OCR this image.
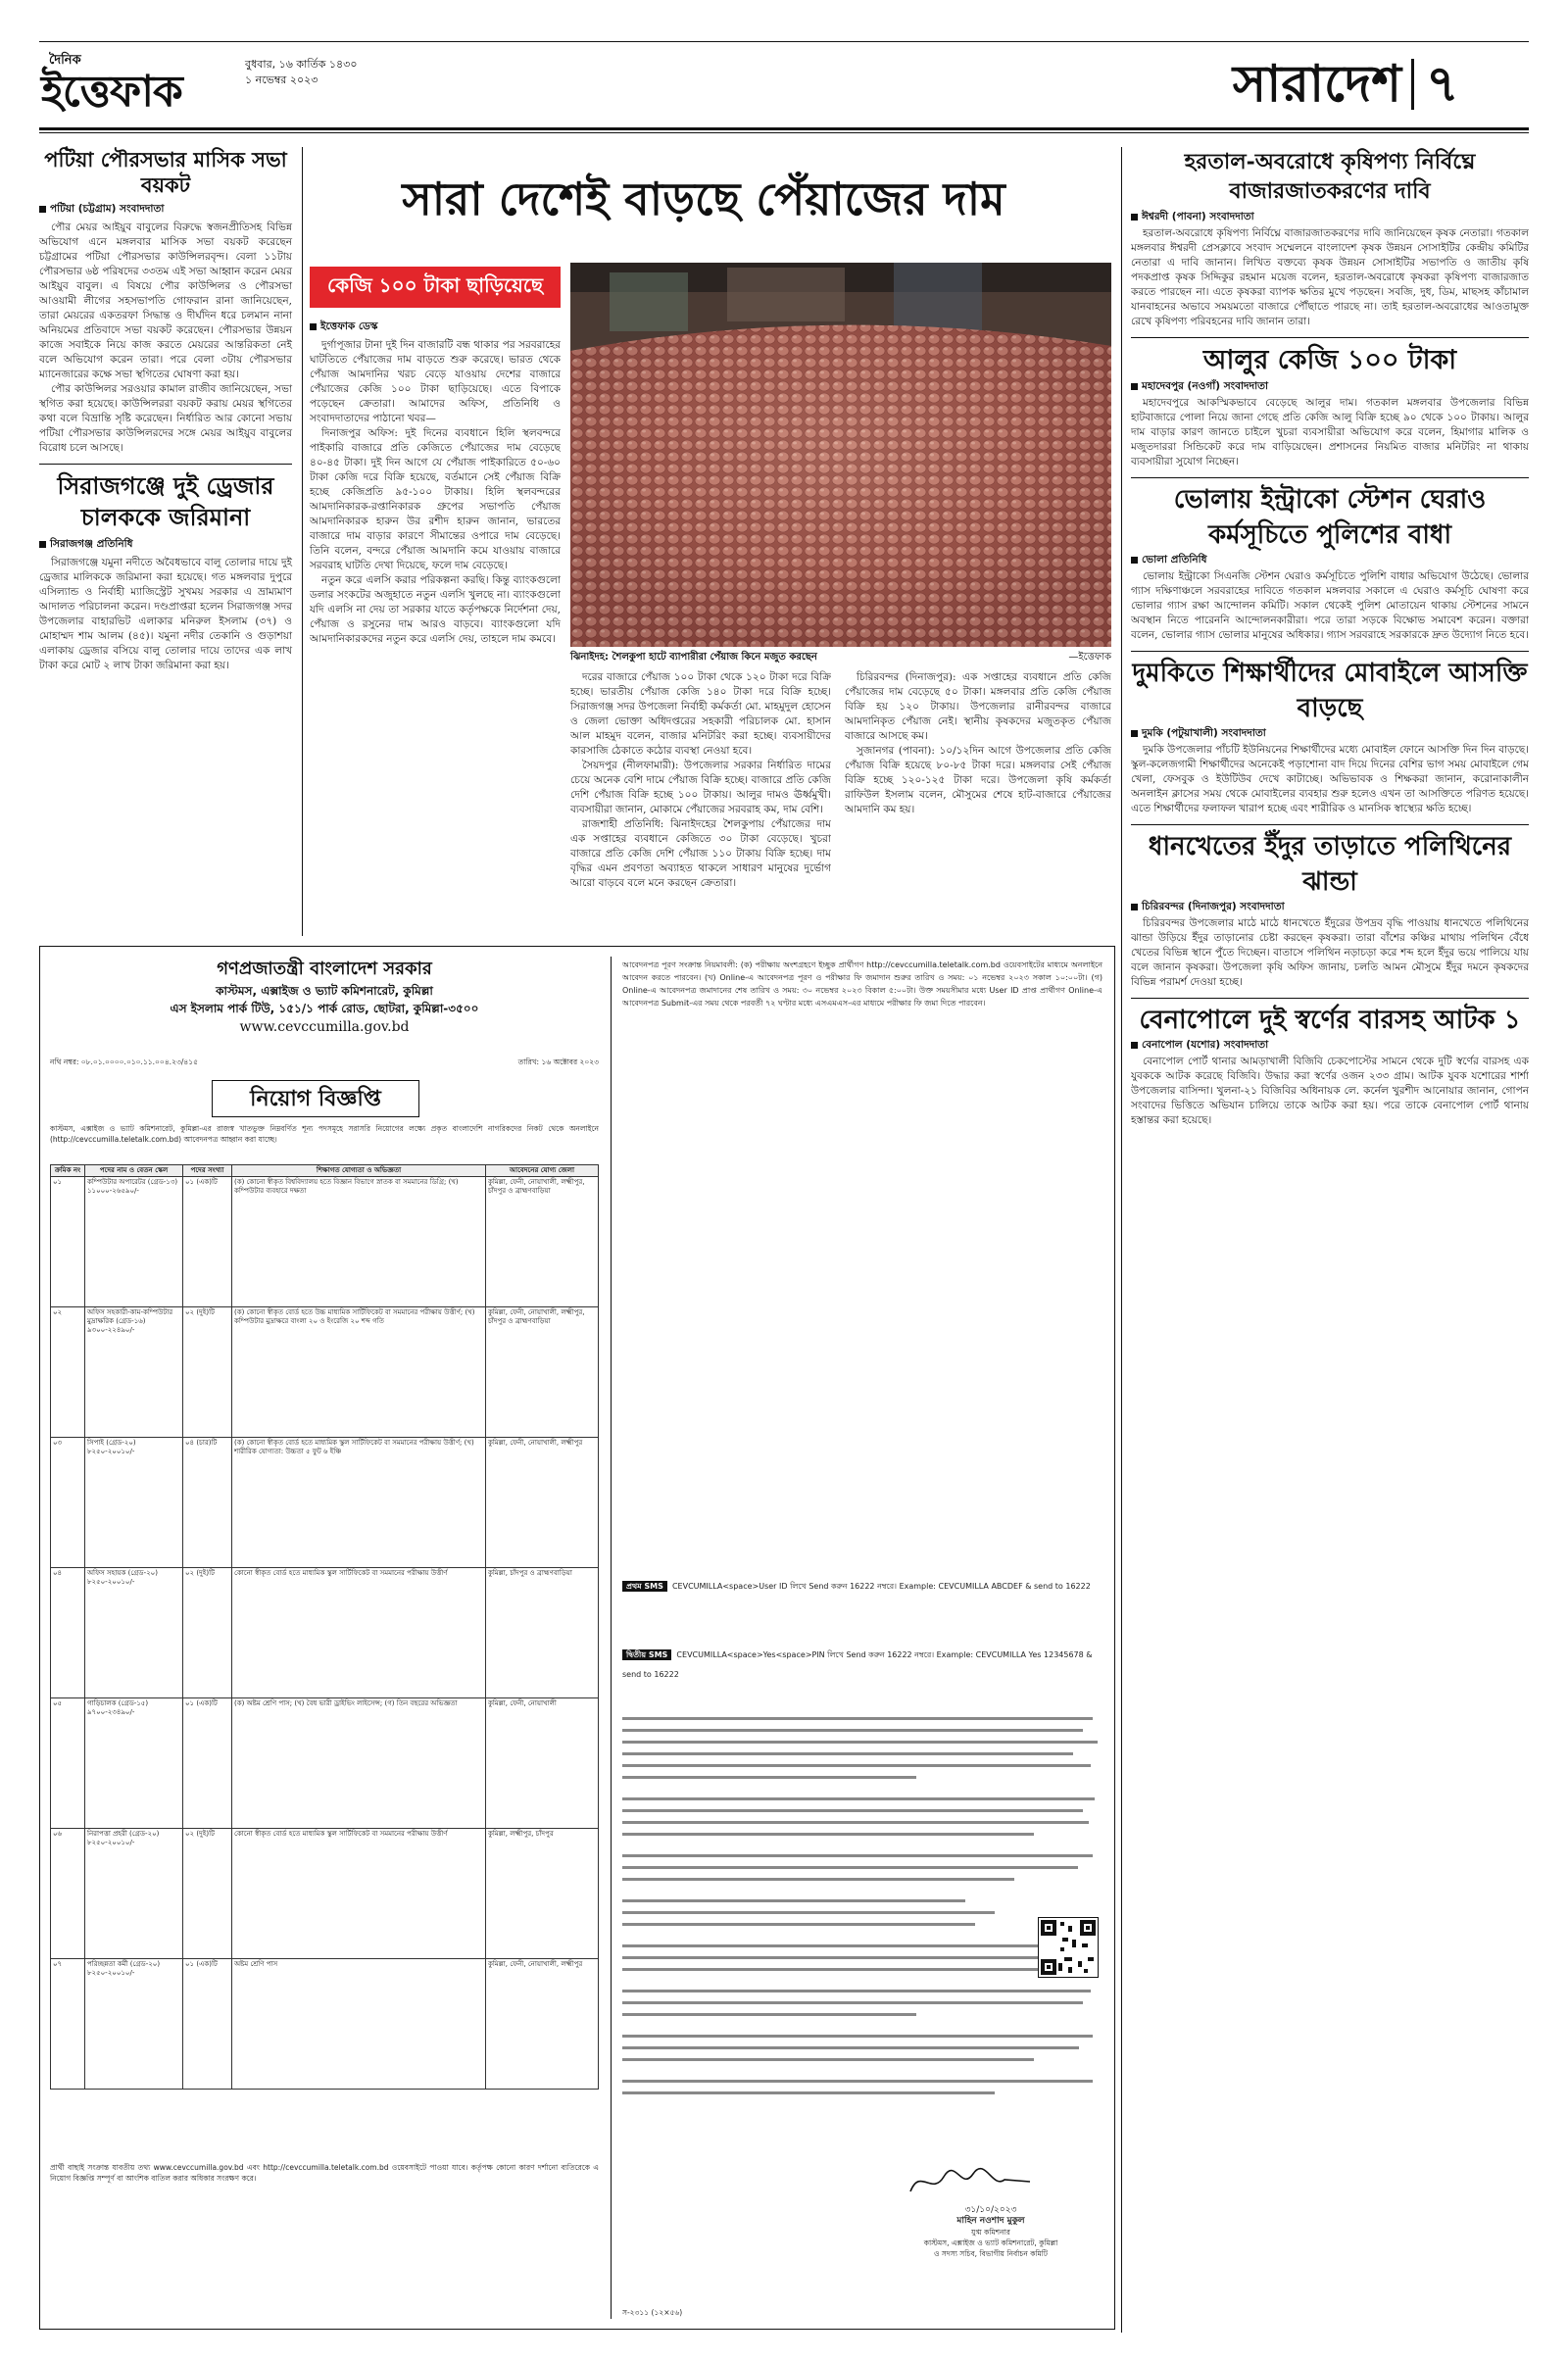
দৈনিক
ইত্তেফাক
বুধবার, ১৬ কার্তিক ১৪৩০
১ নভেম্বর ২০২৩	সারাদেশ ৭
পটিয়া পৌরসভার মাসিক সভা বয়কট
পটিয়া (চট্টগ্রাম) সংবাদদাতা

পৌর মেয়র আইয়ুব বাবুলের বিরুদ্ধে স্বজনপ্রীতিসহ বিভিন্ন অভিযোগ এনে মঙ্গলবার মাসিক সভা বয়কট করেছেন চট্টগ্রামের পটিয়া পৌরসভার কাউন্সিলরবৃন্দ। বেলা ১১টায় পৌরসভার ৬ষ্ঠ পরিষদের ৩৩তম এই সভা আহ্বান করেন মেয়র আইয়ুব বাবুল। এ বিষয়ে পৌর কাউন্সিলর ও পৌরসভা আওয়ামী লীগের সহসভাপতি গোফরান রানা জানিয়েছেন, তারা মেয়রের একতরফা সিদ্ধান্ত ও দীর্ঘদিন ধরে চলমান নানা অনিয়মের প্রতিবাদে সভা বয়কট করেছেন। পৌরসভার উন্নয়ন কাজে সবাইকে নিয়ে কাজ করতে মেয়রের আন্তরিকতা নেই বলে অভিযোগ করেন তারা। পরে বেলা ৩টায় পৌরসভার ম্যানেজারের কক্ষে সভা স্থগিতের ঘোষণা করা হয়।

পৌর কাউন্সিলর সরওয়ার কামাল রাজীব জানিয়েছেন, সভা স্থগিত করা হয়েছে। কাউন্সিলররা বয়কট করায় মেয়র স্থগিতের কথা বলে বিভ্রান্তি সৃষ্টি করেছেন। নির্ধারিত আর কোনো সভায় পটিয়া পৌরসভার কাউন্সিলরদের সঙ্গে মেয়র আইয়ুব বাবুলের বিরোধ চলে আসছে।

সিরাজগঞ্জে দুই ড্রেজার চালককে জরিমানা
সিরাজগঞ্জ প্রতিনিধি

সিরাজগঞ্জে যমুনা নদীতে অবৈধভাবে বালু তোলার দায়ে দুই ড্রেজার মালিককে জরিমানা করা হয়েছে। গত মঙ্গলবার দুপুরে এসিল্যান্ড ও নির্বাহী ম্যাজিস্ট্রেট সুখময় সরকার এ ভ্রাম্যমাণ আদালত পরিচালনা করেন। দণ্ডপ্রাপ্তরা হলেন সিরাজগঞ্জ সদর উপজেলার বাহারভিট এলাকার মনিরুল ইসলাম (৩৭) ও মোহাম্মদ শাম আলম (৪৫)। যমুনা নদীর তেকানি ও গুড়াশয়া এলাকায় ড্রেজার বসিয়ে বালু তোলার দায়ে তাদের এক লাখ টাকা করে মোট ২ লাখ টাকা জরিমানা করা হয়।

সারা দেশেই বাড়ছে পেঁয়াজের দাম
কেজি ১০০ টাকা ছাড়িয়েছে
ইত্তেফাক ডেস্ক

দুর্গাপূজার টানা দুই দিন বাজারটি বন্ধ থাকার পর সরবরাহের ঘাটতিতে পেঁয়াজের দাম বাড়তে শুরু করেছে। ভারত থেকে পেঁয়াজ আমদানির খরচ বেড়ে যাওয়ায় দেশের বাজারে পেঁয়াজের কেজি ১০০ টাকা ছাড়িয়েছে। এতে বিপাকে পড়েছেন ক্রেতারা। আমাদের অফিস, প্রতিনিধি ও সংবাদদাতাদের পাঠানো খবর—

দিনাজপুর অফিস: দুই দিনের ব্যবধানে হিলি স্থলবন্দরে পাইকারি বাজারে প্রতি কেজিতে পেঁয়াজের দাম বেড়েছে ৪০-৪৫ টাকা। দুই দিন আগে যে পেঁয়াজ পাইকারিতে ৫০-৬০ টাকা কেজি দরে বিক্রি হয়েছে, বর্তমানে সেই পেঁয়াজ বিক্রি হচ্ছে কেজিপ্রতি ৯৫-১০০ টাকায়। হিলি স্থলবন্দরের আমদানিকারক-রপ্তানিকারক গ্রুপের সভাপতি পেঁয়াজ আমদানিকারক হারুন উর রশীদ হারুন জানান, ভারতের বাজারে দাম বাড়ার কারণে সীমান্তের ওপারে দাম বেড়েছে। তিনি বলেন, বন্দরে পেঁয়াজ আমদানি কমে যাওয়ায় বাজারে সরবরাহ ঘাটতি দেখা দিয়েছে, ফলে দাম বেড়েছে।

নতুন করে এলসি করার পরিকল্পনা করছি। কিন্তু ব্যাংকগুলো ডলার সংকটের অজুহাতে নতুন এলসি খুলছে না। ব্যাংকগুলো যদি এলসি না দেয় তা সরকার যাতে কর্তৃপক্ষকে নির্দেশনা দেয়, পেঁয়াজ ও রসুনের দাম আরও বাড়বে। ব্যাংকগুলো যদি আমদানিকারকদের নতুন করে এলসি দেয়, তাহলে দাম কমবে।

ঝিনাইদহ: শৈলকুপা হাটে ব্যাপারীরা পেঁয়াজ কিনে মজুত করছেন	—ইত্তেফাক

দরের বাজারে পেঁয়াজ ১০০ টাকা থেকে ১২০ টাকা দরে বিক্রি হচ্ছে। ভারতীয় পেঁয়াজ কেজি ১৪০ টাকা দরে বিক্রি হচ্ছে। সিরাজগঞ্জ সদর উপজেলা নির্বাহী কর্মকর্তা মো. মাহমুদুল হোসেন ও জেলা ভোক্তা অধিদপ্তরের সহকারী পরিচালক মো. হাসান আল মাহমুদ বলেন, বাজার মনিটরিং করা হচ্ছে। ব্যবসায়ীদের কারসাজি ঠেকাতে কঠোর ব্যবস্থা নেওয়া হবে।

সৈয়দপুর (নীলফামারী): উপজেলার সরকার নির্ধারিত দামের চেয়ে অনেক বেশি দামে পেঁয়াজ বিক্রি হচ্ছে। বাজারে প্রতি কেজি দেশি পেঁয়াজ বিক্রি হচ্ছে ১০০ টাকায়। আলুর দামও ঊর্ধ্বমুখী। ব্যবসায়ীরা জানান, মোকামে পেঁয়াজের সরবরাহ কম, দাম বেশি।

রাজশাহী প্রতিনিধি: ঝিনাইদহের শৈলকুপায় পেঁয়াজের দাম এক সপ্তাহের ব্যবধানে কেজিতে ৩০ টাকা বেড়েছে। খুচরা বাজারে প্রতি কেজি দেশি পেঁয়াজ ১১০ টাকায় বিক্রি হচ্ছে। দাম বৃদ্ধির এমন প্রবণতা অব্যাহত থাকলে সাধারণ মানুষের দুর্ভোগ আরো বাড়বে বলে মনে করছেন ক্রেতারা।

চিরিরবন্দর (দিনাজপুর): এক সপ্তাহের ব্যবধানে প্রতি কেজি পেঁয়াজের দাম বেড়েছে ৫০ টাকা। মঙ্গলবার প্রতি কেজি পেঁয়াজ বিক্রি হয় ১২০ টাকায়। উপজেলার রানীরবন্দর বাজারে আমদানিকৃত পেঁয়াজ নেই। স্থানীয় কৃষকদের মজুতকৃত পেঁয়াজ বাজারে আসছে কম।

সুজানগর (পাবনা): ১০/১২দিন আগে উপজেলার প্রতি কেজি পেঁয়াজ বিক্রি হয়েছে ৮০-৮৫ টাকা দরে। মঙ্গলবার সেই পেঁয়াজ বিক্রি হচ্ছে ১২০-১২৫ টাকা দরে। উপজেলা কৃষি কর্মকর্তা রাফিউল ইসলাম বলেন, মৌসুমের শেষে হাট-বাজারে পেঁয়াজের আমদানি কম হয়।

হরতাল-অবরোধে কৃষিপণ্য নির্বিঘ্নে বাজারজাতকরণের দাবি
ঈশ্বরদী (পাবনা) সংবাদদাতা

হরতাল-অবরোধে কৃষিপণ্য নির্বিঘ্নে বাজারজাতকরণের দাবি জানিয়েছেন কৃষক নেতারা। গতকাল মঙ্গলবার ঈশ্বরদী প্রেসক্লাবে সংবাদ সম্মেলনে বাংলাদেশ কৃষক উন্নয়ন সোসাইটির কেন্দ্রীয় কমিটির নেতারা এ দাবি জানান। লিখিত বক্তব্যে কৃষক উন্নয়ন সোসাইটির সভাপতি ও জাতীয় কৃষি পদকপ্রাপ্ত কৃষক সিদ্দিকুর রহমান ময়েজ বলেন, হরতাল-অবরোধে কৃষকরা কৃষিপণ্য বাজারজাত করতে পারছেন না। এতে কৃষকরা ব্যাপক ক্ষতির মুখে পড়ছেন। সবজি, দুধ, ডিম, মাছসহ কাঁচামাল যানবাহনের অভাবে সময়মতো বাজারে পৌঁছাতে পারছে না। তাই হরতাল-অবরোধের আওতামুক্ত রেখে কৃষিপণ্য পরিবহনের দাবি জানান তারা।

আলুর কেজি ১০০ টাকা
মহাদেবপুর (নওগাঁ) সংবাদদাতা

মহাদেবপুরে আকস্মিকভাবে বেড়েছে আলুর দাম। গতকাল মঙ্গলবার উপজেলার বিভিন্ন হাটবাজারে পোলা নিয়ে জানা গেছে প্রতি কেজি আলু বিক্রি হচ্ছে ৯০ থেকে ১০০ টাকায়। আলুর দাম বাড়ার কারণ জানতে চাইলে খুচরা ব্যবসায়ীরা অভিযোগ করে বলেন, হিমাগার মালিক ও মজুতদাররা সিন্ডিকেট করে দাম বাড়িয়েছেন। প্রশাসনের নিয়মিত বাজার মনিটরিং না থাকায় ব্যবসায়ীরা সুযোগ নিচ্ছেন।

ভোলায় ইন্ট্রাকো স্টেশন ঘেরাও কর্মসূচিতে পুলিশের বাধা
ভোলা প্রতিনিধি

ভোলায় ইন্ট্রাকো সিএনজি স্টেশন ঘেরাও কর্মসূচিতে পুলিশি বাধার অভিযোগ উঠেছে। ভোলার গ্যাস দক্ষিণাঞ্চলে সরবরাহের দাবিতে গতকাল মঙ্গলবার সকালে এ ঘেরাও কর্মসূচি ঘোষণা করে ভোলার গ্যাস রক্ষা আন্দোলন কমিটি। সকাল থেকেই পুলিশ মোতায়েন থাকায় স্টেশনের সামনে অবস্থান নিতে পারেননি আন্দোলনকারীরা। পরে তারা সড়কে বিক্ষোভ সমাবেশ করেন। বক্তারা বলেন, ভোলার গ্যাস ভোলার মানুষের অধিকার। গ্যাস সরবরাহে সরকারকে দ্রুত উদ্যোগ নিতে হবে।

দুমকিতে শিক্ষার্থীদের মোবাইলে আসক্তি বাড়ছে
দুমকি (পটুয়াখালী) সংবাদদাতা

দুমকি উপজেলার পাঁচটি ইউনিয়নের শিক্ষার্থীদের মধ্যে মোবাইল ফোনে আসক্তি দিন দিন বাড়ছে। স্কুল-কলেজগামী শিক্ষার্থীদের অনেকেই পড়াশোনা বাদ দিয়ে দিনের বেশির ভাগ সময় মোবাইলে গেম খেলা, ফেসবুক ও ইউটিউব দেখে কাটাচ্ছে। অভিভাবক ও শিক্ষকরা জানান, করোনাকালীন অনলাইন ক্লাসের সময় থেকে মোবাইলের ব্যবহার শুরু হলেও এখন তা আসক্তিতে পরিণত হয়েছে। এতে শিক্ষার্থীদের ফলাফল খারাপ হচ্ছে এবং শারীরিক ও মানসিক স্বাস্থ্যের ক্ষতি হচ্ছে।

ধানখেতের ইঁদুর তাড়াতে পলিথিনের ঝান্ডা
চিরিরবন্দর (দিনাজপুর) সংবাদদাতা

চিরিরবন্দর উপজেলার মাঠে মাঠে ধানখেতে ইঁদুরের উপদ্রব বৃদ্ধি পাওয়ায় ধানখেতে পলিথিনের ঝান্ডা উড়িয়ে ইঁদুর তাড়ানোর চেষ্টা করছেন কৃষকরা। তারা বাঁশের কঞ্চির মাথায় পলিথিন বেঁধে খেতের বিভিন্ন স্থানে পুঁতে দিচ্ছেন। বাতাসে পলিথিন নড়াচড়া করে শব্দ হলে ইঁদুর ভয়ে পালিয়ে যায় বলে জানান কৃষকরা। উপজেলা কৃষি অফিস জানায়, চলতি আমন মৌসুমে ইঁদুর দমনে কৃষকদের বিভিন্ন পরামর্শ দেওয়া হচ্ছে।

বেনাপোলে দুই স্বর্ণের বারসহ আটক ১
বেনাপোল (যশোর) সংবাদদাতা

বেনাপোল পোর্ট থানার আমড়াখালী বিজিবি চেকপোস্টের সামনে থেকে দুটি স্বর্ণের বারসহ এক যুবককে আটক করেছে বিজিবি। উদ্ধার করা স্বর্ণের ওজন ২৩৩ গ্রাম। আটক যুবক যশোরের শার্শা উপজেলার বাসিন্দা। খুলনা-২১ বিজিবির অধিনায়ক লে. কর্নেল খুরশীদ আনোয়ার জানান, গোপন সংবাদের ভিত্তিতে অভিযান চালিয়ে তাকে আটক করা হয়। পরে তাকে বেনাপোল পোর্ট থানায় হস্তান্তর করা হয়েছে।

গণপ্রজাতন্ত্রী বাংলাদেশ সরকার
কাস্টমস, এক্সাইজ ও ভ্যাট কমিশনারেট, কুমিল্লা
এস ইসলাম পার্ক টিউ, ১৫১/১ পার্ক রোড, ছোটরা, কুমিল্লা-৩৫০০
www.cevccumilla.gov.bd
নথি নম্বর: ০৮.০১.০০০০.০১০.১১.০০৪.২৩/৪১৫	তারিখ: ১৬ অক্টোবর ২০২৩
নিয়োগ বিজ্ঞপ্তি
কাস্টমস, এক্সাইজ ও ভ্যাট কমিশনারেট, কুমিল্লা-এর রাজস্ব খাতভুক্ত নিম্নবর্ণিত শূন্য পদসমূহে সরাসরি নিয়োগের লক্ষ্যে প্রকৃত বাংলাদেশি নাগরিকদের নিকট থেকে অনলাইনে (http://cevccumilla.teletalk.com.bd) আবেদনপত্র আহ্বান করা যাচ্ছে।
ক্রমিক নং	পদের নাম ও বেতন স্কেল	পদের সংখ্যা	শিক্ষাগত যোগ্যতা ও অভিজ্ঞতা	আবেদনের যোগ্য জেলা
০১	কম্পিউটার অপারেটর (গ্রেড-১৩) ১১০০০-২৬৫৯০/-	০১ (এক)টি	(ক) কোনো স্বীকৃত বিশ্ববিদ্যালয় হতে বিজ্ঞান বিভাগে স্নাতক বা সমমানের ডিগ্রি; (খ) কম্পিউটার ব্যবহারে দক্ষতা	কুমিল্লা, ফেনী, নোয়াখালী, লক্ষ্মীপুর, চাঁদপুর ও ব্রাহ্মণবাড়িয়া
০২	অফিস সহকারী-কাম-কম্পিউটার মুদ্রাক্ষরিক (গ্রেড-১৬) ৯৩০০-২২৪৯০/-	০২ (দুই)টি	(ক) কোনো স্বীকৃত বোর্ড হতে উচ্চ মাধ্যমিক সার্টিফিকেট বা সমমানের পরীক্ষায় উত্তীর্ণ; (খ) কম্পিউটার মুদ্রাক্ষরে বাংলা ২০ ও ইংরেজি ২০ শব্দ গতি	কুমিল্লা, ফেনী, নোয়াখালী, লক্ষ্মীপুর, চাঁদপুর ও ব্রাহ্মণবাড়িয়া
০৩	সিপাই (গ্রেড-২০) ৮২৫০-২০০১০/-	০৪ (চার)টি	(ক) কোনো স্বীকৃত বোর্ড হতে মাধ্যমিক স্কুল সার্টিফিকেট বা সমমানের পরীক্ষায় উত্তীর্ণ; (খ) শারীরিক যোগ্যতা: উচ্চতা ৫ ফুট ৬ ইঞ্চি	কুমিল্লা, ফেনী, নোয়াখালী, লক্ষ্মীপুর
০৪	অফিস সহায়ক (গ্রেড-২০) ৮২৫০-২০০১০/-	০২ (দুই)টি	কোনো স্বীকৃত বোর্ড হতে মাধ্যমিক স্কুল সার্টিফিকেট বা সমমানের পরীক্ষায় উত্তীর্ণ	কুমিল্লা, চাঁদপুর ও ব্রাহ্মণবাড়িয়া
০৫	গাড়িচালক (গ্রেড-১৫) ৯৭০০-২৩৪৯০/-	০১ (এক)টি	(ক) অষ্টম শ্রেণি পাস; (খ) বৈধ ভারী ড্রাইভিং লাইসেন্স; (গ) তিন বছরের অভিজ্ঞতা	কুমিল্লা, ফেনী, নোয়াখালী
০৬	নিরাপত্তা প্রহরী (গ্রেড-২০) ৮২৫০-২০০১০/-	০২ (দুই)টি	কোনো স্বীকৃত বোর্ড হতে মাধ্যমিক স্কুল সার্টিফিকেট বা সমমানের পরীক্ষায় উত্তীর্ণ	কুমিল্লা, লক্ষ্মীপুর, চাঁদপুর
০৭	পরিচ্ছন্নতা কর্মী (গ্রেড-২০) ৮২৫০-২০০১০/-	০১ (এক)টি	অষ্টম শ্রেণি পাস	কুমিল্লা, ফেনী, নোয়াখালী, লক্ষ্মীপুর
প্রার্থী বাছাই সংক্রান্ত যাবতীয় তথ্য www.cevccumilla.gov.bd এবং http://cevccumilla.teletalk.com.bd ওয়েবসাইটে পাওয়া যাবে। কর্তৃপক্ষ কোনো কারণ দর্শানো ব্যতিরেকে এ নিয়োগ বিজ্ঞপ্তি সম্পূর্ণ বা আংশিক বাতিল করার অধিকার সংরক্ষণ করে।
আবেদনপত্র পূরণ সংক্রান্ত নিয়মাবলী: (ক) পরীক্ষায় অংশগ্রহণে ইচ্ছুক প্রার্থীগণ http://cevccumilla.teletalk.com.bd ওয়েবসাইটের মাধ্যমে অনলাইনে আবেদন করতে পারবেন। (খ) Online-এ আবেদনপত্র পূরণ ও পরীক্ষার ফি জমাদান শুরুর তারিখ ও সময়: ০১ নভেম্বর ২০২৩ সকাল ১০:০০টা। (গ) Online-এ আবেদনপত্র জমাদানের শেষ তারিখ ও সময়: ৩০ নভেম্বর ২০২৩ বিকাল ৫:০০টা। উক্ত সময়সীমার মধ্যে User ID প্রাপ্ত প্রার্থীগণ Online-এ আবেদনপত্র Submit-এর সময় থেকে পরবর্তী ৭২ ঘণ্টার মধ্যে এসএমএস-এর মাধ্যমে পরীক্ষার ফি জমা দিতে পারবেন।
প্রথম SMS CEVCUMILLA<space>User ID লিখে Send করুন 16222 নম্বরে। Example: CEVCUMILLA ABCDEF & send to 16222
দ্বিতীয় SMS CEVCUMILLA<space>Yes<space>PIN লিখে Send করুন 16222 নম্বরে। Example: CEVCUMILLA Yes 12345678 & send to 16222
৩১/১০/২০২৩
মাহিন নওশাদ মুকুল
যুগ্ম কমিশনার
কাস্টমস, এক্সাইজ ও ভ্যাট কমিশনারেট, কুমিল্লা
ও সদস্য সচিব, বিভাগীয় নির্বাচন কমিটি
স-২৩১১ (১২×৫৬)
